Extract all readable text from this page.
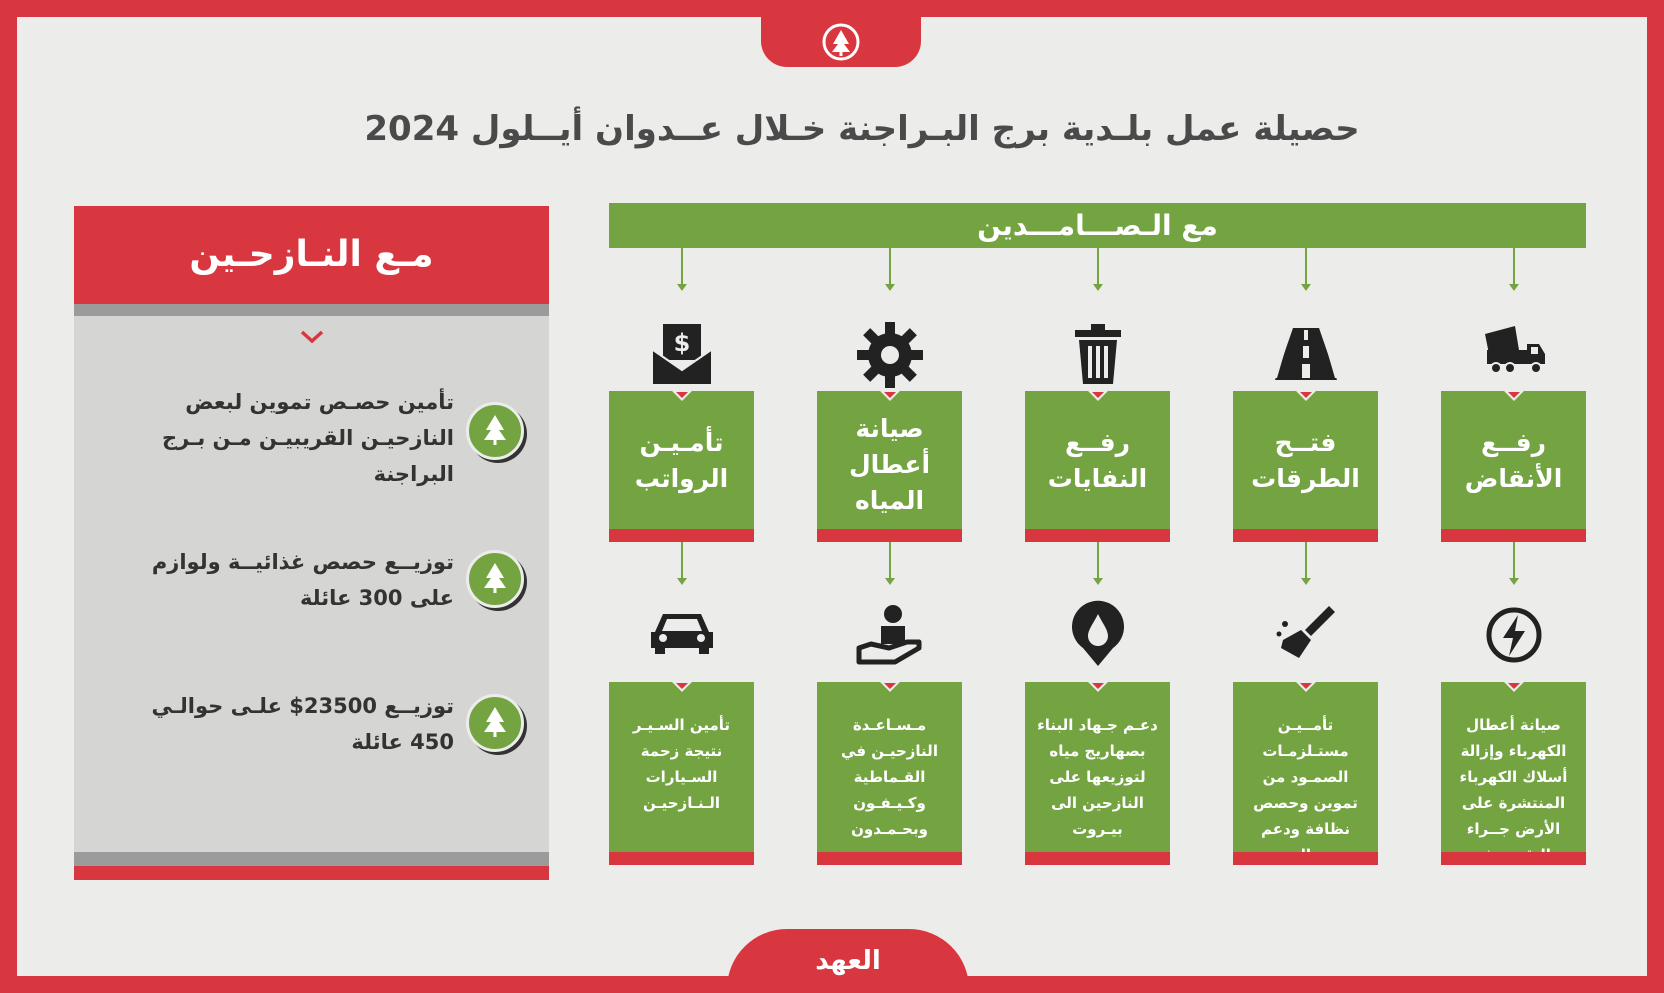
حصيلة عمل بلـدية برج البـراجنة خـلال عــدوان أيــلول 2024
مـع النـازحـين
تأمين حصـص تموين لبعض النازحيـن القريبيـن مـن بـرج البراجنة
توزيــع حصص غذائيــة ولوازم على 300 عائلة
توزيــع 23500$ علـى حوالـي 450 عائلة
مع الـصـــامـــدين
رفــع الأنقاض
صيانة أعطال الكهرباء وإزالة أسلاك الكهرباء المنتشرة على الأرض جــراء
فتــح الطرقات
تأمــيـن مستـلزمـات الصمـود من تموين وحصص نظافة ودعم
رفــع النفايات
دعـم جـهاد البناء بصهاريج مياه لتوزيعها على النازحين الى بيـروت
صيانة أعطال المياه
مـسـاعـدة النازحيـن في القـماطية وكـيـفـون وبحـمـدون
$
تأمـيـن الرواتب
تأمين السـيـر نتيجة زحمة السـيارات الـنـازحيـن
العهد
